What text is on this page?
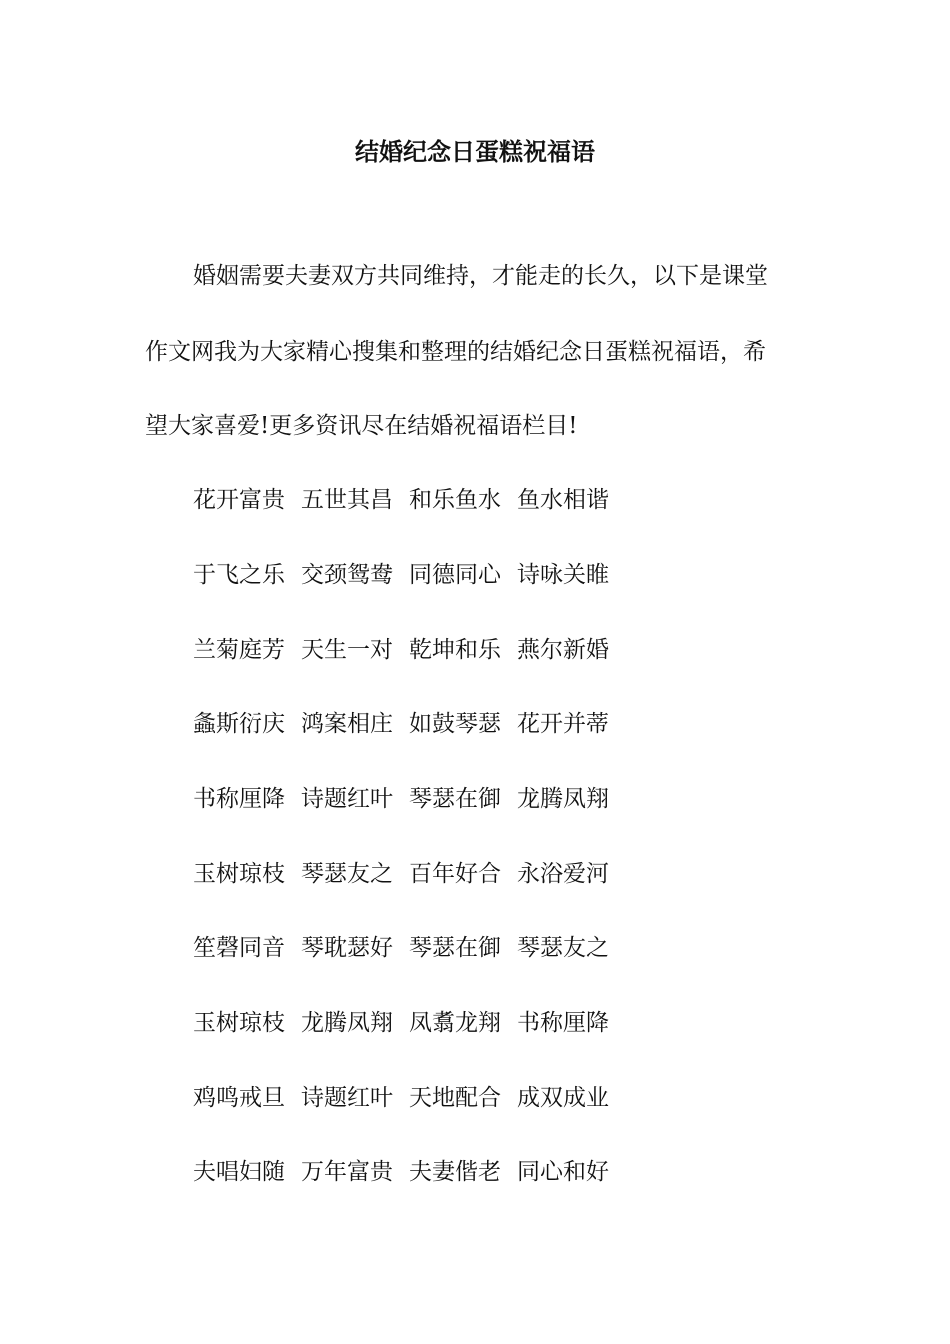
结婚纪念日蛋糕祝福语
婚姻需要夫妻双方共同维持，才能走的长久，以下是课堂
作文网我为大家精心搜集和整理的结婚纪念日蛋糕祝福语，希
望大家喜爱!更多资讯尽在结婚祝福语栏目!
花开富贵 五世其昌 和乐鱼水 鱼水相谐
于飞之乐 交颈鸳鸯 同德同心 诗咏关睢
兰菊庭芳 天生一对 乾坤和乐 燕尔新婚
螽斯衍庆 鸿案相庄 如鼓琴瑟 花开并蒂
书称厘降 诗题红叶 琴瑟在御 龙腾凤翔
玉树琼枝 琴瑟友之 百年好合 永浴爱河
笙磬同音 琴耽瑟好 琴瑟在御 琴瑟友之
玉树琼枝 龙腾凤翔 凤翥龙翔 书称厘降
鸡鸣戒旦 诗题红叶 天地配合 成双成业
夫唱妇随 万年富贵 夫妻偕老 同心和好
